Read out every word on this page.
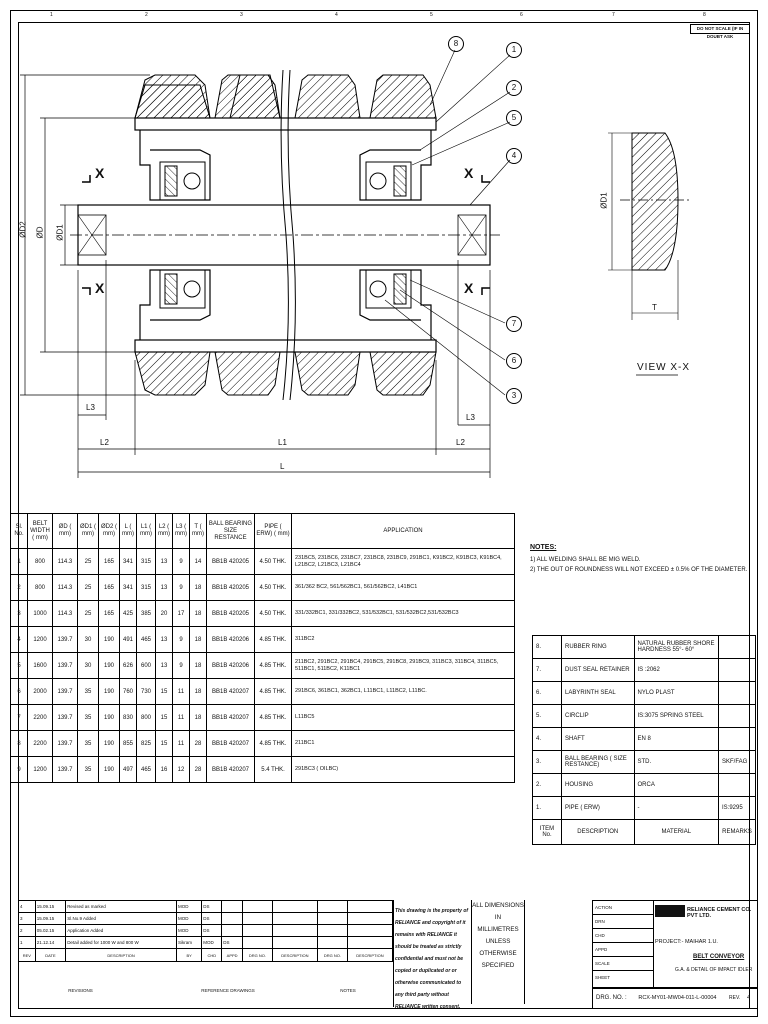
DO NOT SCALE (IF IN DOUBT ASK
1	2	3	4	5	6	7	8
ØD2 ØD ØD1
L
L1
L2	L2
L3
L3
X
X
X
X
ØD1
T
VIEW X-X
8
1
2
5
4
7
6
3
Sl. No.	BELT WIDTH ( mm)	ØD ( mm)	ØD1 ( mm)	ØD2 ( mm)	L ( mm)	L1 ( mm)	L2 ( mm)	L3 ( mm)	T ( mm)	BALL BEARING SIZE RESTANCE	PIPE ( ERW) ( mm)	APPLICATION
1	800	114.3	25	165	341	315	13	9	14	BB1B 420205	4.50 THK.	231BC5, 231BC6, 231BC7, 231BC8, 231BC9, 291BC1, K91BC2, K91BC3, K91BC4, L21BC2, L21BC3, L21BC4
2	800	114.3	25	165	341	315	13	9	18	BB1B 420205	4.50 THK.	361/362 BC2, 561/562BC1, 561/562BC2, L41BC1
3	1000	114.3	25	165	425	385	20	17	18	BB1B 420205	4.50 THK.	331/332BC1, 331/332BC2, 531/532BC1, 531/532BC2,531/532BC3
4	1200	139.7	30	190	491	465	13	9	18	BB1B 420206	4.85 THK.	311BC2
5	1600	139.7	30	190	626	600	13	9	18	BB1B 420206	4.85 THK.	211BC2, 291BC2, 291BC4, 291BC5, 291BC8, 291BC9, 311BC3, 311BC4, 311BC5, 511BC1, 511BC2, K11BC1
6	2000	139.7	35	190	760	730	15	11	18	BB1B 420207	4.85 THK.	291BC6, 361BC1, 362BC1, L11BC1, L11BC2, L11BC.
7	2200	139.7	35	190	830	800	15	11	18	BB1B 420207	4.85 THK.	L11BC5
8	2200	139.7	35	190	855	825	15	11	28	BB1B 420207	4.85 THK.	211BC1
9	1200	139.7	35	190	497	465	16	12	28	BB1B 420207	5.4 THK.	291BC3 ( OILBC)
NOTES:
1) ALL WELDING SHALL BE MIG WELD.
2) THE OUT OF ROUNDNESS WILL NOT EXCEED ± 0.5% OF THE DIAMETER.
8.	RUBBER RING	NATURAL RUBBER SHORE HARDNESS 55°- 60°	
7.	DUST SEAL RETAINER	IS :2062	
6.	LABYRINTH SEAL	NYLO PLAST	
5.	CIRCLIP	IS:3075 SPRING STEEL	
4.	SHAFT	EN 8	
3.	BALL BEARING ( SIZE RESTANCE)	STD.	SKF/FAG
2.	HOUSING	ORCA	
1.	PIPE ( ERW)	-	IS:9295
ITEM No.	DESCRIPTION	MATERIAL	REMARKS
4	15.09.15	Revised as marked	MOD	DS					
3	15.09.15	Sl.No.9 Added	MOD	DS					
2	05.02.15	Application Added	MOD	DS					
1	21.12.14	Detail added for 1000 W and 800 W	Sikram	MOD	DS				
REV	DATE	DESCRIPTION	BY	CHD	APPD	DRG NO.	DESCRIPTION	DRG NO.	DESCRIPTION
REVISIONS	REFERENCE DRAWINGS	NOTES
This drawing is the property of RELIANCE and copyright of it remains with RELIANCE it should be treated as strictly confidential and must not be copied or duplicated or or otherwise communicated to any third party without RELIANCE written consent.
ALL DIMENSIONS
IN
MILLIMETRES
UNLESS
OTHERWISE
SPECIFIED
ACTION
DRN
CHD
APPD
SCALE
SHEET
RELIANCE CEMENT CO. PVT LTD.
PROJECT:- MAIHAR 1.U.
BELT CONVEYOR
G.A. & DETAIL OF IMPACT IDLER
DRG. NO. : RCX-MY01-MW04-011-L-00004	REV. 4
